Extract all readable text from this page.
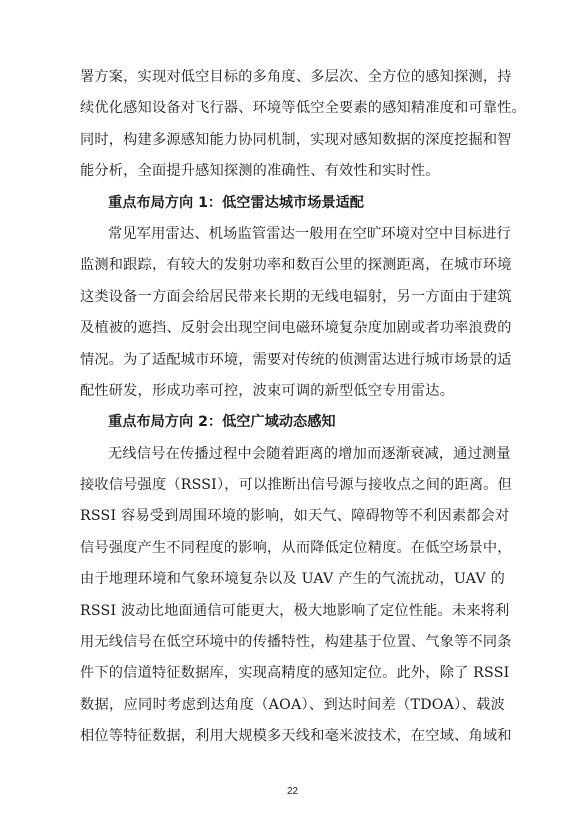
署方案，实现对低空目标的多角度、多层次、全方位的感知探测，持
续优化感知设备对飞行器、环境等低空全要素的感知精准度和可靠性。
同时，构建多源感知能力协同机制，实现对感知数据的深度挖掘和智
能分析，全面提升感知探测的准确性、有效性和实时性。
重点布局方向 1：低空雷达城市场景适配
常见军用雷达、机场监管雷达一般用在空旷环境对空中目标进行
监测和跟踪，有较大的发射功率和数百公里的探测距离，在城市环境
这类设备一方面会给居民带来长期的无线电辐射，另一方面由于建筑
及植被的遮挡、反射会出现空间电磁环境复杂度加剧或者功率浪费的
情况。为了适配城市环境，需要对传统的侦测雷达进行城市场景的适
配性研发，形成功率可控，波束可调的新型低空专用雷达。
重点布局方向 2：低空广域动态感知
无线信号在传播过程中会随着距离的增加而逐渐衰减，通过测量
接收信号强度（RSSI），可以推断出信号源与接收点之间的距离。但
RSSI 容易受到周围环境的影响，如天气、障碍物等不利因素都会对
信号强度产生不同程度的影响，从而降低定位精度。在低空场景中，
由于地理环境和气象环境复杂以及 UAV 产生的气流扰动，UAV 的
RSSI 波动比地面通信可能更大，极大地影响了定位性能。未来将利
用无线信号在低空环境中的传播特性，构建基于位置、气象等不同条
件下的信道特征数据库，实现高精度的感知定位。此外，除了 RSSI
数据，应同时考虑到达角度（AOA）、到达时间差（TDOA）、载波
相位等特征数据，利用大规模多天线和毫米波技术，在空域、角域和
22
